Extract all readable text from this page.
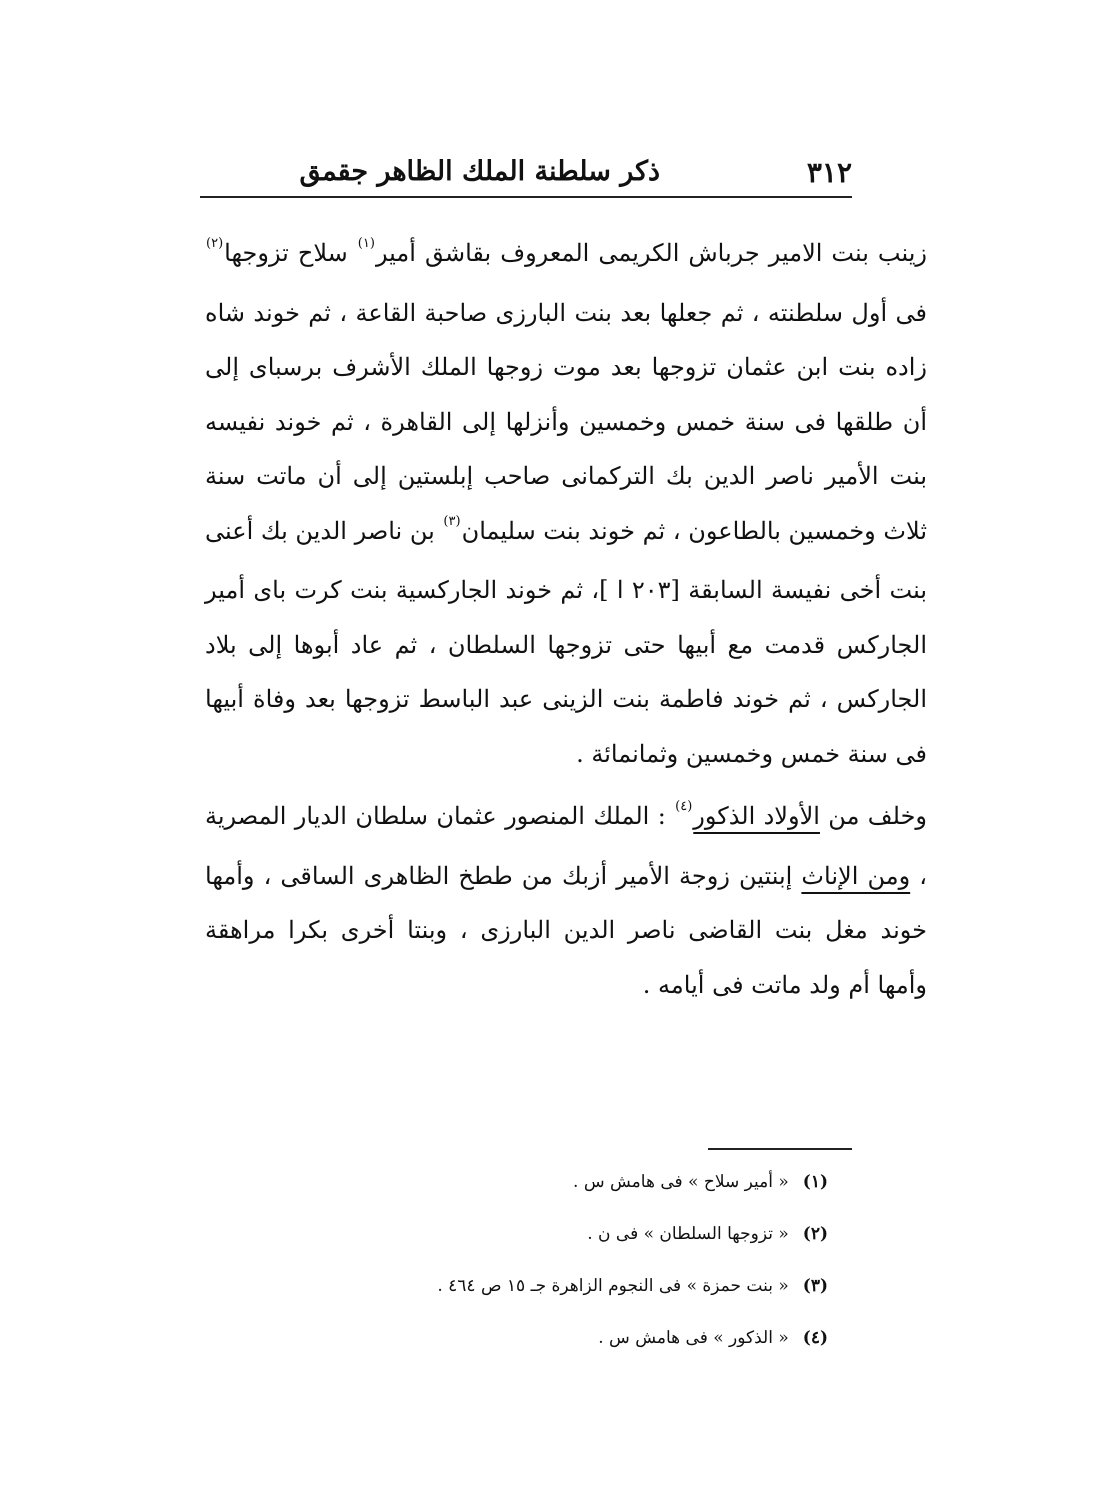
٣١٢
ذكر سلطنة الملك الظاهر جقمق

زينب بنت الامير جرباش الكريمى المعروف بقاشق أمير$^{(١)}$ سلاح تزوجها$^{(٢)}$ فى أول سلطنته ، ثم جعلها بعد بنت البارزى صاحبة القاعة ، ثم خوند شاه زاده بنت ابن عثمان تزوجها بعد موت زوجها الملك الأشرف برسباى إلى أن طلقها فى سنة خمس وخمسين وأنزلها إلى القاهرة ، ثم خوند نفيسه بنت الأمير ناصر الدين بك التركمانى صاحب إبلستين إلى أن ماتت سنة ثلاث وخمسين بالطاعون ، ثم خوند بنت سليمان$^{(٣)}$ بن ناصر الدين بك أعنى بنت أخى نفيسة السابقة [٢٠٣ ا ]، ثم خوند الجاركسية بنت كرت باى أمير الجاركس قدمت مع أبيها حتى تزوجها السلطان ، ثم عاد أبوها إلى بلاد الجاركس ، ثم خوند فاطمة بنت الزينى عبد الباسط تزوجها بعد وفاة أبيها فى سنة خمس وخمسين وثمانمائة .

وخلف من الأولاد الذكور$^{(٤)}$ : الملك المنصور عثمان سلطان الديار المصرية ، ومن الإناث إبنتين زوجة الأمير أزبك من ططخ الظاهرى الساقى ، وأمها خوند مغل بنت القاضى ناصر الدين البارزى ، وبنتا أخرى بكرا مراهقة وأمها أم ولد ماتت فى أيامه .

(١)« أمير سلاح » فى هامش س .
(٢)« تزوجها السلطان » فى ن .
(٣)« بنت حمزة » فى النجوم الزاهرة جـ ١٥ ص ٤٦٤ .
(٤)« الذكور » فى هامش س .
